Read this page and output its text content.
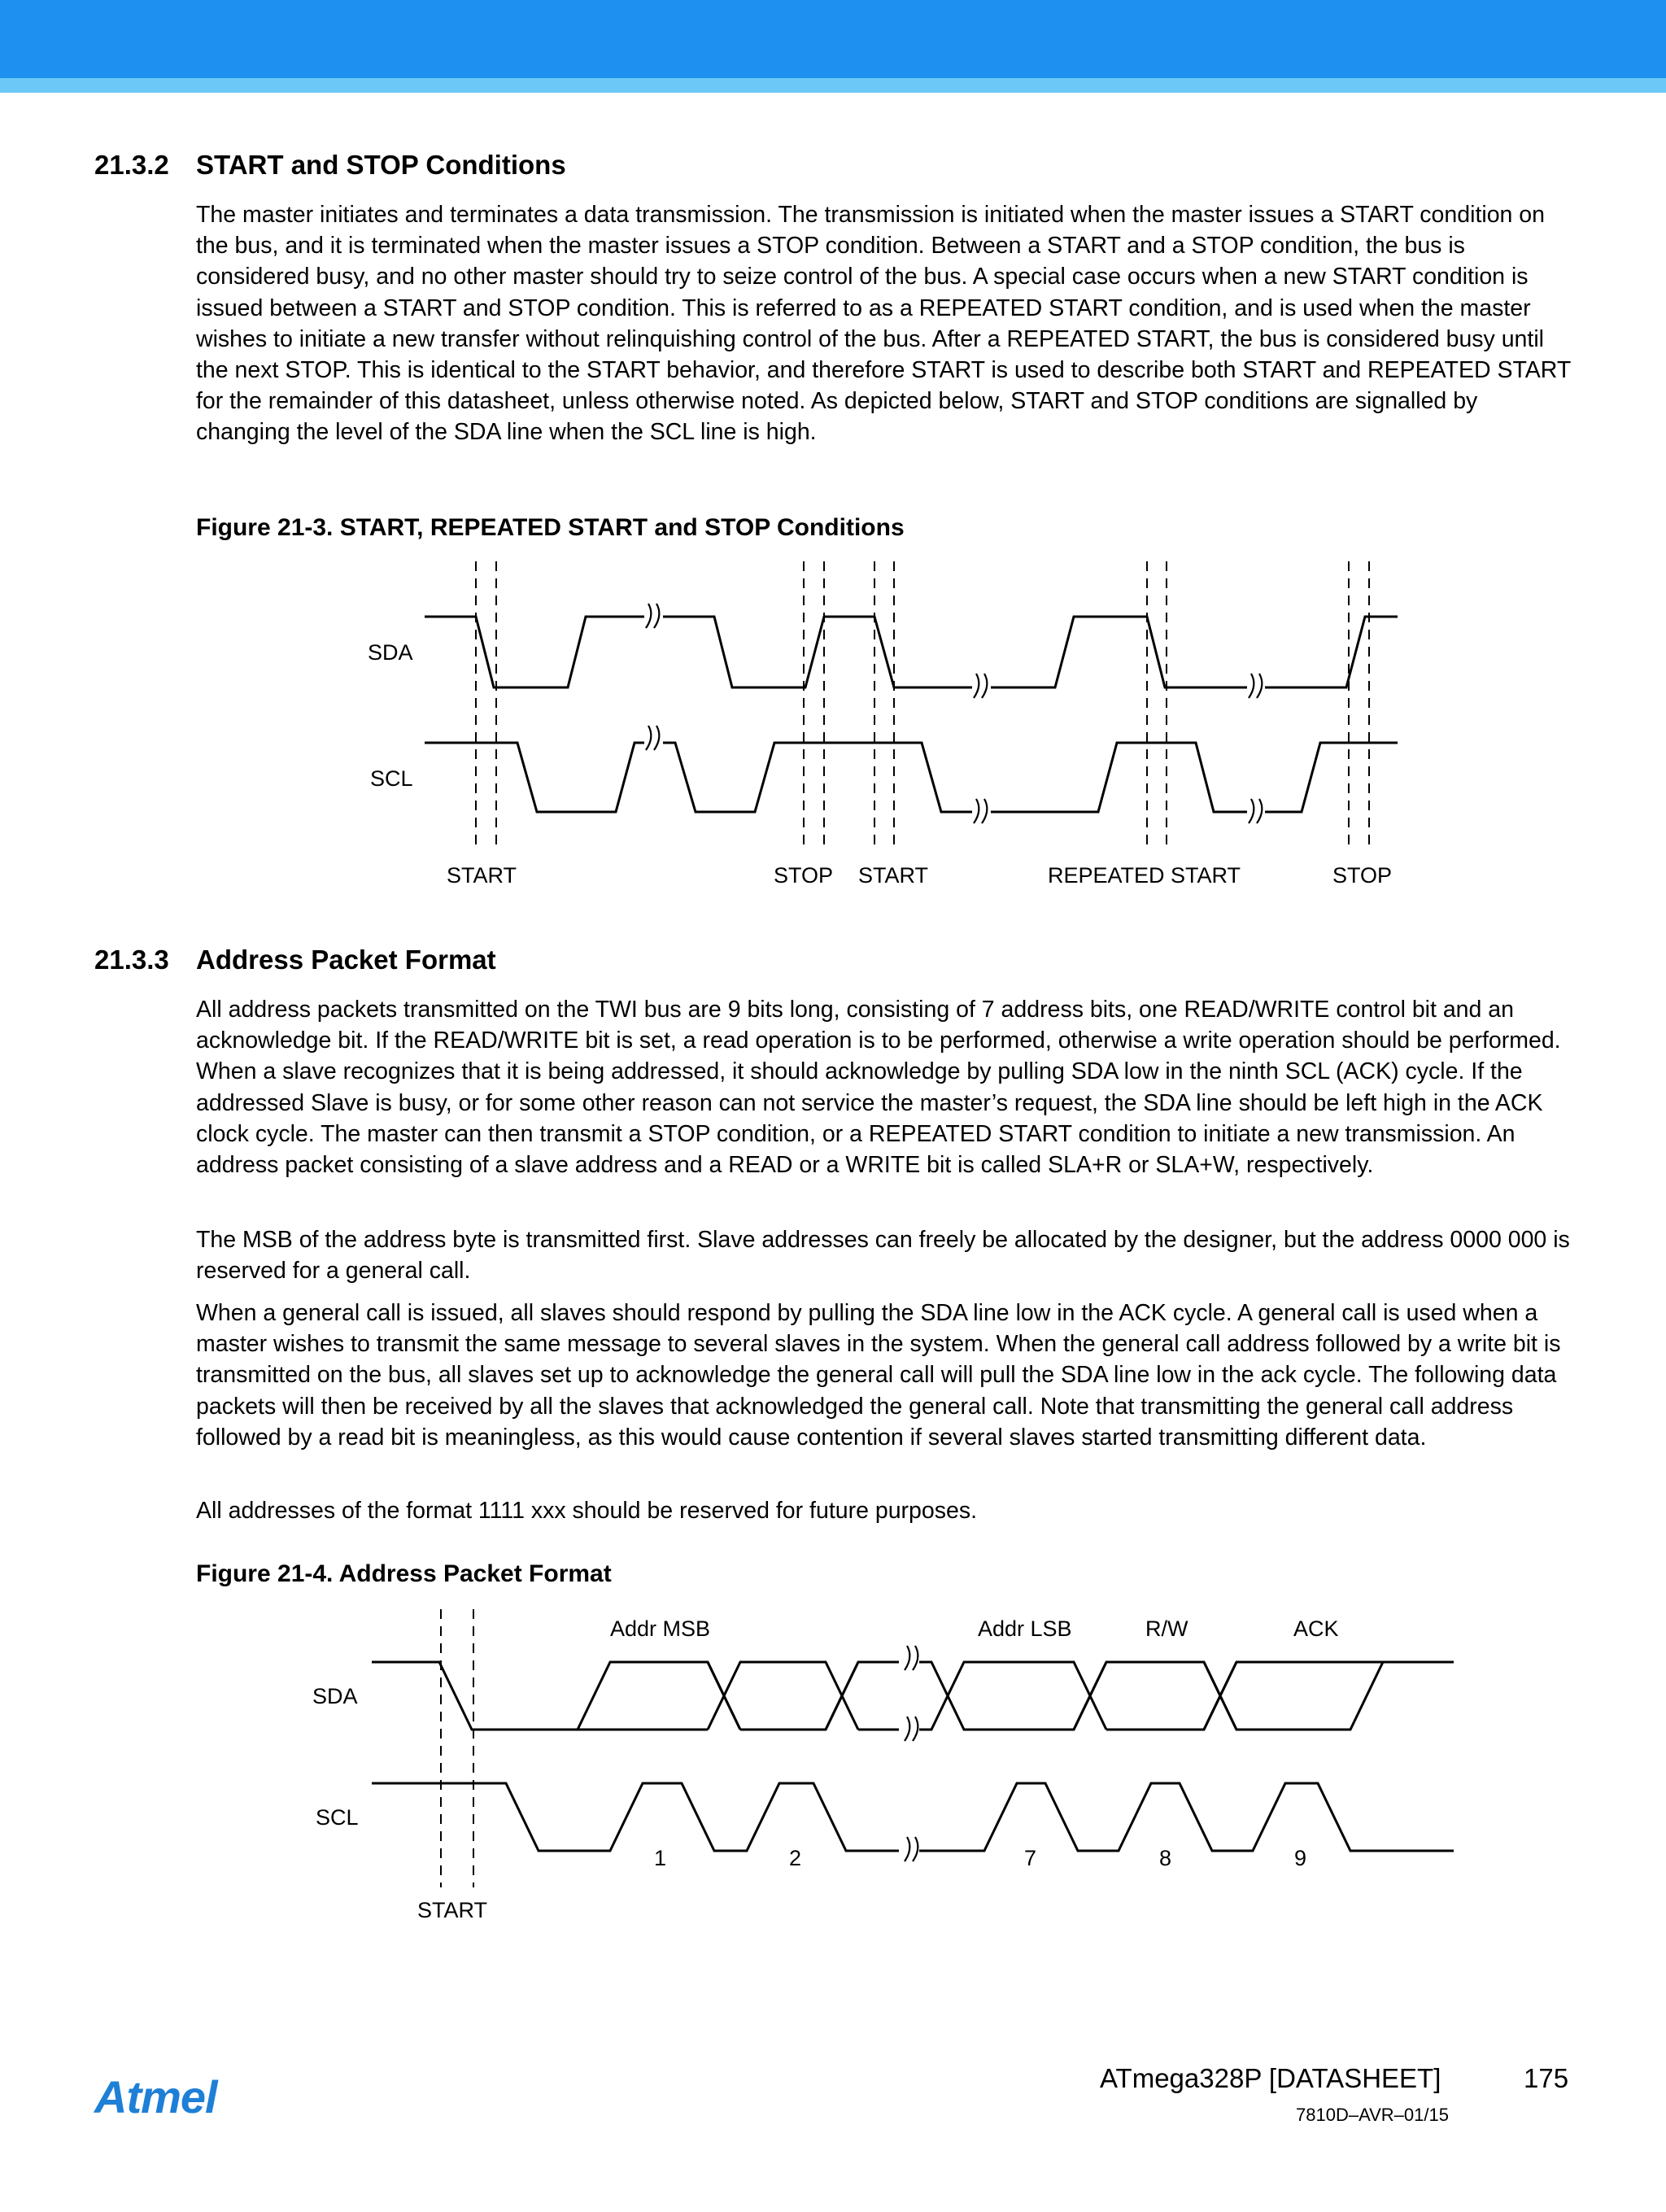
21.3.2 START and STOP Conditions

The master initiates and terminates a data transmission. The transmission is initiated when the master issues a START condition on the bus, and it is terminated when the master issues a STOP condition. Between a START and a STOP condition, the bus is considered busy, and no other master should try to seize control of the bus. A special case occurs when a new START condition is issued between a START and STOP condition. This is referred to as a REPEATED START condition, and is used when the master wishes to initiate a new transfer without relinquishing control of the bus. After a REPEATED START, the bus is considered busy until the next STOP. This is identical to the START behavior, and therefore START is used to describe both START and REPEATED START for the remainder of this datasheet, unless otherwise noted. As depicted below, START and STOP conditions are signalled by changing the level of the SDA line when the SCL line is high.

Figure 21-3. START, REPEATED START and STOP Conditions
SDA
SCL
START	STOP START	REPEATED START	STOP
21.3.3 Address Packet Format

All address packets transmitted on the TWI bus are 9 bits long, consisting of 7 address bits, one READ/WRITE control bit and an acknowledge bit. If the READ/WRITE bit is set, a read operation is to be performed, otherwise a write operation should be performed. When a slave recognizes that it is being addressed, it should acknowledge by pulling SDA low in the ninth SCL (ACK) cycle. If the addressed Slave is busy, or for some other reason can not service the master’s request, the SDA line should be left high in the ACK clock cycle. The master can then transmit a STOP condition, or a REPEATED START condition to initiate a new transmission. An address packet consisting of a slave address and a READ or a WRITE bit is called SLA+R or SLA+W, respectively.

The MSB of the address byte is transmitted first. Slave addresses can freely be allocated by the designer, but the address 0000 000 is reserved for a general call.

When a general call is issued, all slaves should respond by pulling the SDA line low in the ACK cycle. A general call is used when a master wishes to transmit the same message to several slaves in the system. When the general call address followed by a write bit is transmitted on the bus, all slaves set up to acknowledge the general call will pull the SDA line low in the ack cycle. The following data packets will then be received by all the slaves that acknowledged the general call. Note that transmitting the general call address followed by a read bit is meaningless, as this would cause contention if several slaves started transmitting different data.

All addresses of the format 1111 xxx should be reserved for future purposes.

Figure 21-4. Address Packet Format
SDA
SCL
Addr MSB	Addr LSB	R/W	ACK
1	2	7	8	9
START
Atmel	ATmega328P [DATASHEET]	175
7810D–AVR–01/15
